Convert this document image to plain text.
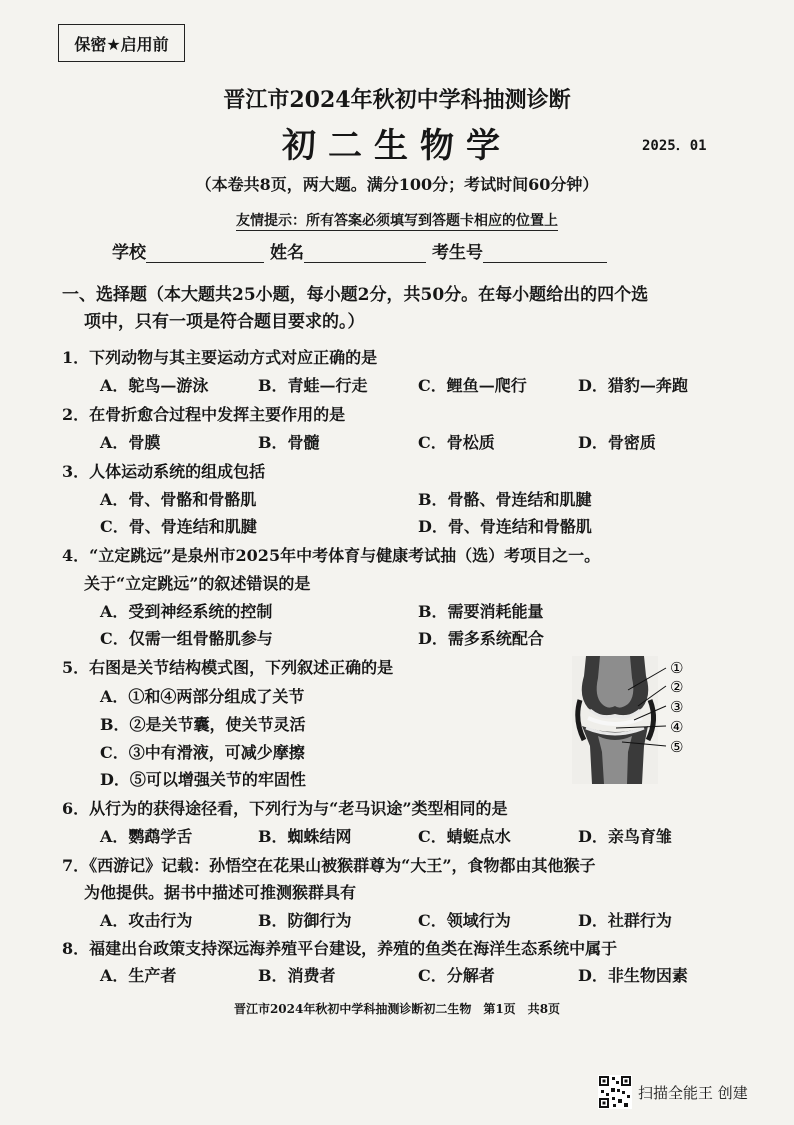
保密★启用前
晋江市2024年秋初中学科抽测诊断
初二生物学	2025．01
（本卷共8页，两大题。满分100分；考试时间60分钟）
友情提示：所有答案必须填写到答题卡相应的位置上
学校	姓名	考生号
一、选择题（本大题共25小题，每小题2分，共50分。在每小题给出的四个选
项中，只有一项是符合题目要求的。）
1．下列动物与其主要运动方式对应正确的是
A．鸵鸟—游泳	B．青蛙—行走	C．鲤鱼—爬行	D．猎豹—奔跑
2．在骨折愈合过程中发挥主要作用的是
A．骨膜	B．骨髓	C．骨松质	D．骨密质
3．人体运动系统的组成包括
A．骨、骨骼和骨骼肌	B．骨骼、骨连结和肌腱
C．骨、骨连结和肌腱	D．骨、骨连结和骨骼肌
4．“立定跳远”是泉州市2025年中考体育与健康考试抽（选）考项目之一。
关于“立定跳远”的叙述错误的是
A．受到神经系统的控制	B．需要消耗能量
C．仅需一组骨骼肌参与	D．需多系统配合
5．右图是关节结构模式图，下列叙述正确的是
A．①和④两部分组成了关节
B．②是关节囊，使关节灵活
C．③中有滑液，可减少摩擦
D．⑤可以增强关节的牢固性
①
②
③
④
⑤
6．从行为的获得途径看，下列行为与“老马识途”类型相同的是
A．鹦鹉学舌	B．蜘蛛结网	C．蜻蜓点水	D．亲鸟育雏
7．《西游记》记载：孙悟空在花果山被猴群尊为“大王”，食物都由其他猴子
为他提供。据书中描述可推测猴群具有
A．攻击行为	B．防御行为	C．领域行为	D．社群行为
8．福建出台政策支持深远海养殖平台建设，养殖的鱼类在海洋生态系统中属于
A．生产者	B．消费者	C．分解者	D．非生物因素
晋江市2024年秋初中学科抽测诊断初二生物　第1页　共8页
扫描全能王 创建
